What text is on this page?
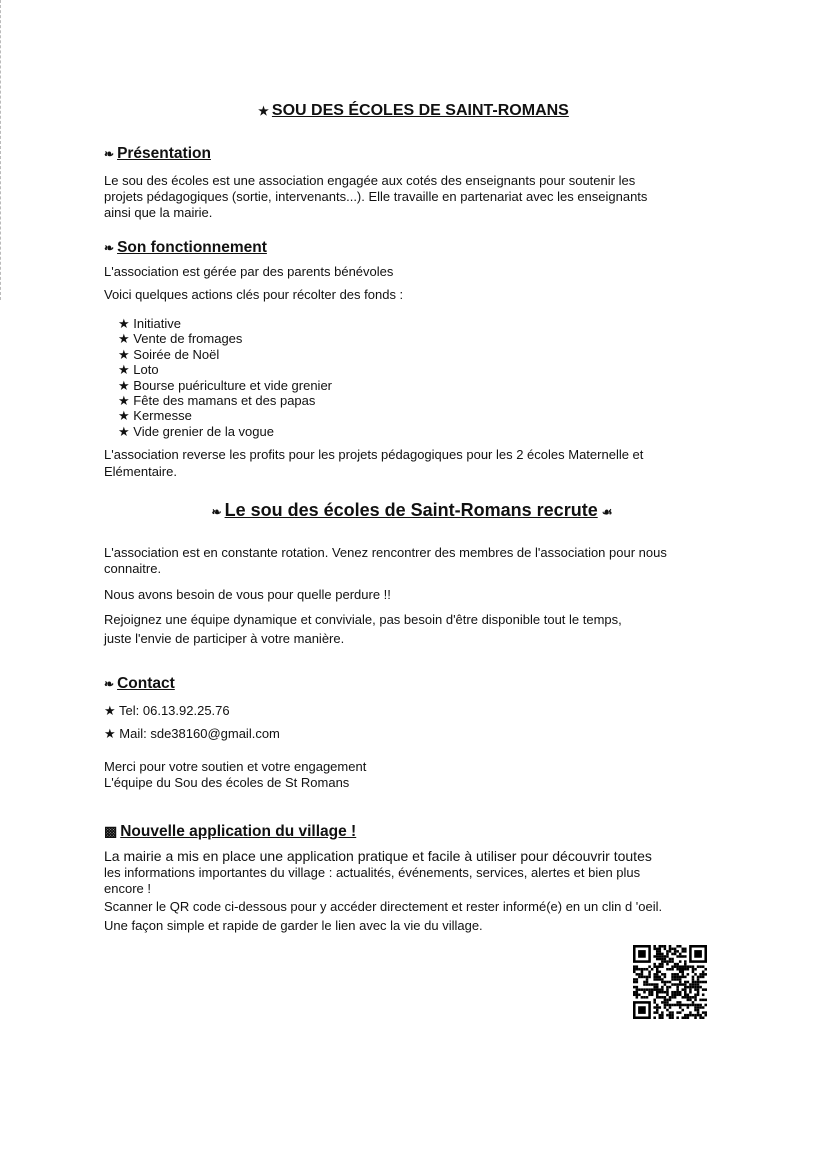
★ SOU DES ÉCOLES DE SAINT-ROMANS
❧ Présentation
Le sou des écoles est une association engagée aux cotés des enseignants pour soutenir les
projets pédagogiques (sortie, intervenants...). Elle travaille en partenariat avec les enseignants
ainsi que la mairie.
❧ Son fonctionnement
L'association est gérée par des parents bénévoles
Voici quelques actions clés pour récolter des fonds :
★ Initiative
★ Vente de fromages
★ Soirée de Noël
★ Loto
★ Bourse puériculture et vide grenier
★ Fête des mamans et des papas
★ Kermesse
★ Vide grenier de la vogue
L'association reverse les profits pour les projets pédagogiques pour les 2 écoles Maternelle et
Elémentaire.
❧ Le sou des écoles de Saint-Romans recrute ☙
L'association est en constante rotation. Venez rencontrer des membres de l'association pour nous
connaitre.
Nous avons besoin de vous pour quelle perdure !!
Rejoignez une équipe dynamique et conviviale, pas besoin d'être disponible tout le temps,
juste l'envie de participer à votre manière.
❧ Contact
★ Tel: 06.13.92.25.76
★ Mail: sde38160@gmail.com
Merci pour votre soutien et votre engagement
L'équipe du Sou des écoles de St Romans
▩ Nouvelle application du village !
La mairie a mis en place une application pratique et facile à utiliser pour découvrir toutes
les informations importantes du village : actualités, événements, services, alertes et bien plus
encore !
Scanner le QR code ci-dessous pour y accéder directement et rester informé(e) en un clin d 'oeil.
Une façon simple et rapide de garder le lien avec la vie du village.
